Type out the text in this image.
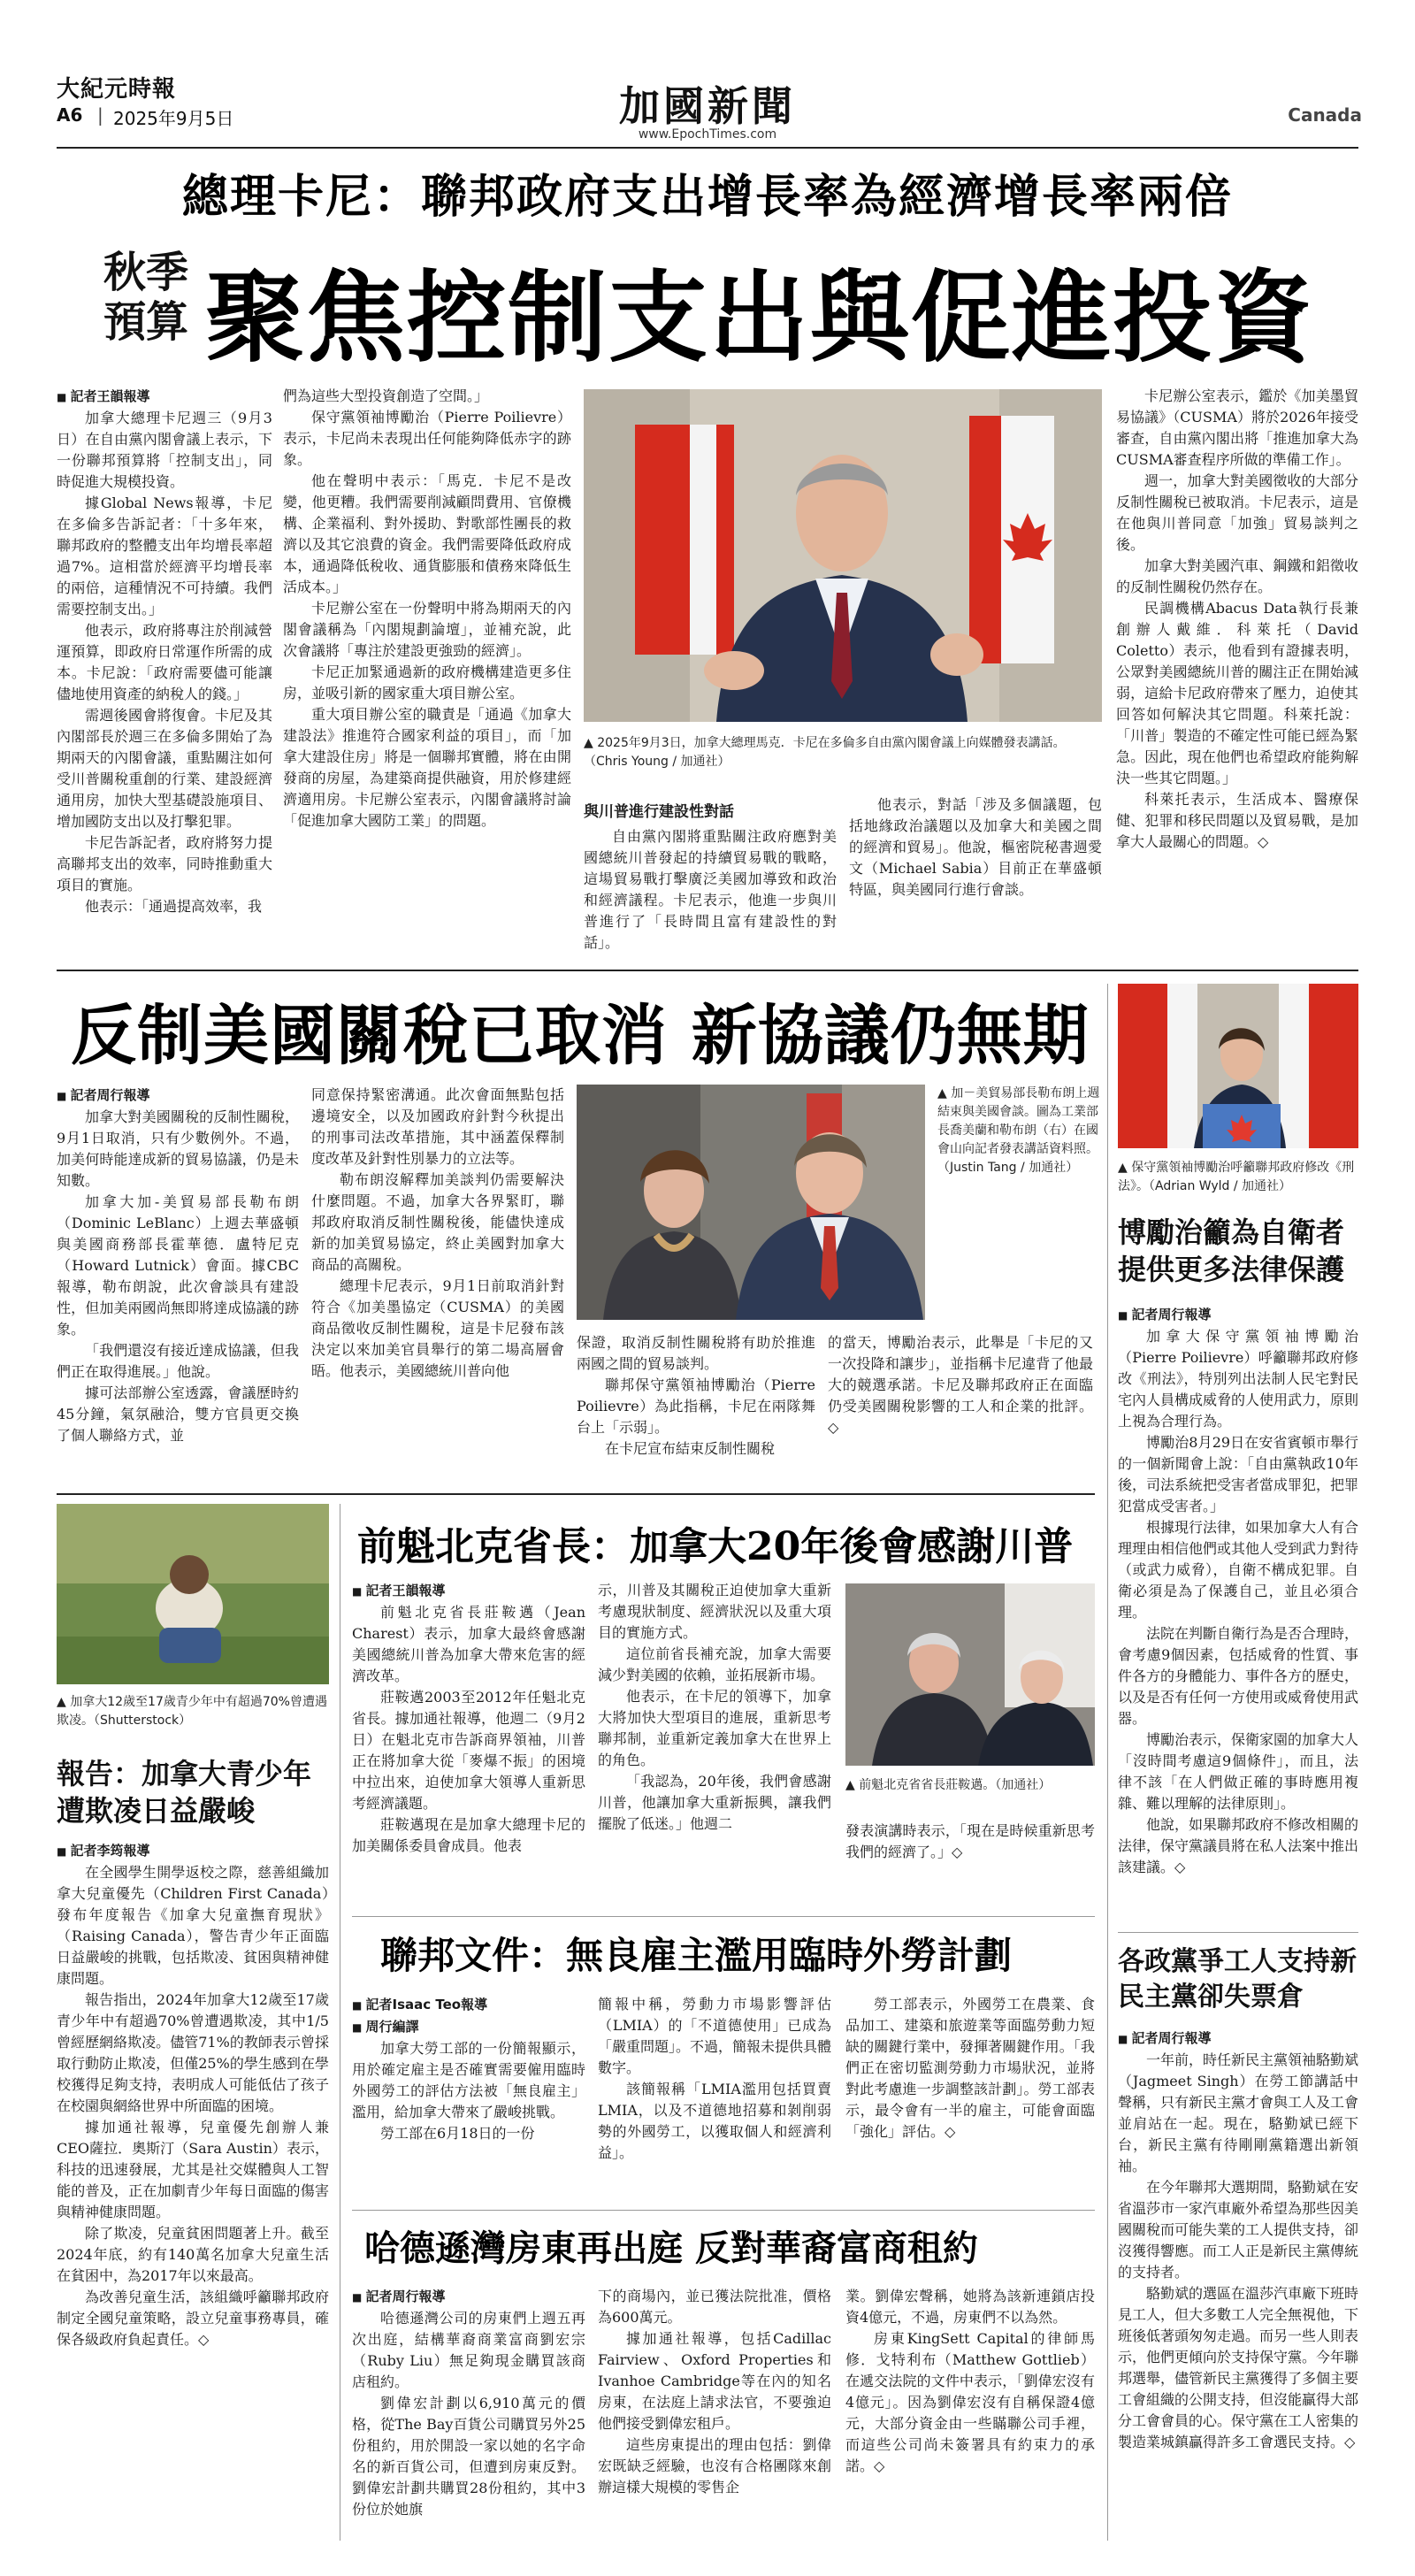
大紀元時報
A6 | 2025年9月5日	加國新聞
www.EpochTimes.com
Canada
總理卡尼：聯邦政府支出增長率為經濟增長率兩倍
秋季
預算 聚焦控制支出與促進投資
■ 記者王韻報導

加拿大總理卡尼週三（9月3日）在自由黨內閣會議上表示，下一份聯邦預算將「控制支出」，同時促進大規模投資。

據Global News報導，卡尼在多倫多告訴記者：「十多年來，聯邦政府的整體支出年均增長率超過7%。這相當於經濟平均增長率的兩倍，這種情況不可持續。我們需要控制支出。」

他表示，政府將專注於削減營運預算，即政府日常運作所需的成本。卡尼說：「政府需要儘可能讓儘地使用資產的納稅人的錢。」

需週後國會將復會。卡尼及其內閣部長於週三在多倫多開始了為期兩天的內閣會議，重點關注如何受川普關稅重創的行業、建設經濟通用房，加快大型基礎設施項目、增加國防支出以及打擊犯罪。

卡尼告訴記者，政府將努力提高聯邦支出的效率，同時推動重大項目的實施。

他表示：「通過提高效率，我

們為這些大型投資創造了空間。」

保守黨領袖博勵治（Pierre Poilievre）表示，卡尼尚未表現出任何能夠降低赤字的跡象。

他在聲明中表示：「馬克．卡尼不是改變，他更糟。我們需要削減顧問費用、官僚機構、企業福利、對外援助、對歌部性團長的救濟以及其它浪費的資金。我們需要降低政府成本，通過降低稅收、通貨膨脹和債務來降低生活成本。」

卡尼辦公室在一份聲明中將為期兩天的內閣會議稱為「內閣規劃論壇」，並補充說，此次會議將「專注於建設更強勁的經濟」。

卡尼正加緊通過新的政府機構建造更多住房，並吸引新的國家重大項目辦公室。

重大項目辦公室的職責是「通過《加拿大建設法》推進符合國家利益的項目」，而「加拿大建設住房」將是一個聯邦實體，將在由開發商的房屋，為建築商提供融資，用於修建經濟適用房。卡尼辦公室表示，內閣會議將討論「促進加拿大國防工業」的問題。

▲ 2025年9月3日，加拿大總理馬克．卡尼在多倫多自由黨內閣會議上向媒體發表講話。（Chris Young / 加通社）
與川普進行建設性對話

自由黨內閣將重點關注政府應對美國總統川普發起的持續貿易戰的戰略，這場貿易戰打擊廣泛美國加導致和政治和經濟議程。卡尼表示，他進一步與川普進行了「長時間且富有建設性的對話」。

他表示，對話「涉及多個議題，包括地緣政治議題以及加拿大和美國之間的經濟和貿易」。他說，樞密院秘書週愛文（Michael Sabia）目前正在華盛頓特區，與美國同行進行會談。

卡尼辦公室表示，鑑於《加美墨貿易協議》（CUSMA）將於2026年接受審查，自由黨內閣出將「推進加拿大為CUSMA審查程序所做的準備工作」。

週一，加拿大對美國徵收的大部分反制性關稅已被取消。卡尼表示，這是在他與川普同意「加強」貿易談判之後。

加拿大對美國汽車、鋼鐵和鋁徵收的反制性關稅仍然存在。

民調機構Abacus Data執行長兼創辦人戴維．科萊托（David Coletto）表示，他看到有證據表明，公眾對美國總統川普的關注正在開始減弱，這給卡尼政府帶來了壓力，迫使其回答如何解決其它問題。科萊托說：「川普」製造的不確定性可能已經為緊急。因此，現在他們也希望政府能夠解決一些其它問題。」

科萊托表示，生活成本、醫療保健、犯罪和移民問題以及貿易戰，是加拿大人最關心的問題。 ◇

反制美國關稅已取消 新協議仍無期
■ 記者周行報導

加拿大對美國關稅的反制性關稅，9月1日取消，只有少數例外。不過，加美何時能達成新的貿易協議，仍是未知數。

加拿大加-美貿易部長勒布朗（Dominic LeBlanc）上週去華盛頓與美國商務部長霍華德．盧特尼克（Howard Lutnick）會面。據CBC報導，勒布朗說，此次會談具有建設性，但加美兩國尚無即將達成協議的跡象。

「我們還沒有接近達成協議，但我們正在取得進展。」他說。

據可法部辦公室透露，會議歷時約45分鐘，氣氛融洽，雙方官員更交換了個人聯絡方式，並

同意保持緊密溝通。此次會面無點包括邊境安全，以及加國政府針對今秋提出的刑事司法改革措施，其中涵蓋保釋制度改革及針對性別暴力的立法等。

勒布朗沒解釋加美談判仍需要解決什麼問題。不過，加拿大各界緊盯，聯邦政府取消反制性關稅後，能儘快達成新的加美貿易協定，終止美國對加拿大商品的高關稅。

總理卡尼表示，9月1日前取消針對符合《加美墨協定（CUSMA）的美國商品徵收反制性關稅，這是卡尼發布該決定以來加美官員舉行的第二場高層會晤。他表示，美國總統川普向他

▲ 加－美貿易部長勒布朗上週結束與美國會談。圖為工業部長喬美蘭和勒布朗（右）在國會山向記者發表講話資料照。（Justin Tang / 加通社）

保證，取消反制性關稅將有助於推進兩國之間的貿易談判。

聯邦保守黨領袖博勵治（Pierre Poilievre）為此指稱，卡尼在兩隊舞台上「示弱」。

在卡尼宣布結束反制性關稅

的當天，博勵治表示，此舉是「卡尼的又一次投降和讓步」，並指稱卡尼違背了他最大的競選承諾。卡尼及聯邦政府正在面臨仍受美國關稅影響的工人和企業的批評。 ◇

▲ 保守黨領袖博勵治呼籲聯邦政府修改《刑法》。（Adrian Wyld / 加通社）
博勵治籲為自衛者提供更多法律保護
■ 記者周行報導

加拿大保守黨領袖博勵治（Pierre Poilievre）呼籲聯邦政府修改《刑法》，特別列出法制人民宅對民宅內人員構成威脅的人使用武力，原則上視為合理行為。

博勵治8月29日在安省賓頓市舉行的一個新聞會上說：「自由黨執政10年後，司法系統把受害者當成罪犯，把罪犯當成受害者。」

根據現行法律，如果加拿大人有合理理由相信他們或其他人受到武力對待（或武力威脅），自衛不構成犯罪。自衛必須是為了保護自己，並且必須合理。

法院在判斷自衛行為是否合理時，會考慮9個因素，包括威脅的性質、事件各方的身體能力、事件各方的歷史，以及是否有任何一方使用或威脅使用武器。

博勵治表示，保衛家園的加拿大人「沒時間考慮這9個條件」，而且，法律不該「在人們做正確的事時應用複雜、難以理解的法律原則」。

他說，如果聯邦政府不修改相關的法律，保守黨議員將在私人法案中推出該建議。 ◇

各政黨爭工人支持新民主黨卻失票倉
■ 記者周行報導

一年前，時任新民主黨領袖駱勤斌（Jagmeet Singh）在勞工節講話中聲稱，只有新民主黨才會與工人及工會並肩站在一起。現在，駱勤斌已經下台，新民主黨有待剛剛黨籍選出新領袖。

在今年聯邦大選期間，駱勤斌在安省溫莎市一家汽車廠外希望為那些因美國關稅而可能失業的工人提供支持，卻沒獲得響應。而工人正是新民主黨傳統的支持者。

駱勤斌的選區在溫莎汽車廠下班時見工人，但大多數工人完全無視他，下班後低著頭匆匆走過。而另一些人則表示，他們更傾向於支持保守黨。今年聯邦選舉，儘管新民主黨獲得了多個主要工會組織的公開支持，但沒能贏得大部分工會會員的心。保守黨在工人密集的製造業城鎮贏得許多工會選民支持。 ◇

▲ 加拿大12歲至17歲青少年中有超過70%曾遭遇欺凌。（Shutterstock）
報告：加拿大青少年遭欺凌日益嚴峻
■ 記者李筠報導

在全國學生開學返校之際，慈善組織加拿大兒童優先（Children First Canada）發布年度報告《加拿大兒童撫育現狀》（Raising Canada），警告青少年正面臨日益嚴峻的挑戰，包括欺凌、貧困與精神健康問題。

報告指出，2024年加拿大12歲至17歲青少年中有超過70%曾遭遇欺凌，其中1/5曾經歷網絡欺凌。儘管71%的教師表示曾採取行動防止欺凌，但僅25%的學生感到在學校獲得足夠支持，表明成人可能低估了孩子在校園與網絡世界中所面臨的困境。

據加通社報導，兒童優先創辦人兼CEO薩拉．奧斯汀（Sara Austin）表示，科技的迅速發展，尤其是社交媒體與人工智能的普及，正在加劇青少年每日面臨的傷害與精神健康問題。

除了欺凌，兒童貧困問題著上升。截至2024年底，約有140萬名加拿大兒童生活在貧困中，為2017年以來最高。

為改善兒童生活，該組織呼籲聯邦政府制定全國兒童策略，設立兒童事務專員，確保各級政府負起責任。 ◇

前魁北克省長：加拿大20年後會感謝川普
■ 記者王韻報導

前魁北克省長莊鞍邁（Jean Charest）表示，加拿大最終會感謝美國總統川普為加拿大帶來危害的經濟改革。

莊鞍邁2003至2012年任魁北克省長。據加通社報導，他週二（9月2日）在魁北克市告訴商界領袖，川普正在將加拿大從「麥爆不振」的困境中拉出來，迫使加拿大領導人重新思考經濟議題。

莊鞍邁現在是加拿大總理卡尼的加美關係委員會成員。他表

示，川普及其關稅正迫使加拿大重新考慮現狀制度、經濟狀況以及重大項目的實施方式。

這位前省長補充說，加拿大需要減少對美國的依賴，並拓展新市場。

他表示，在卡尼的領導下，加拿大將加快大型項目的進展，重新思考聯邦制，並重新定義加拿大在世界上的角色。

「我認為，20年後，我們會感謝川普，他讓加拿大重新振興，讓我們擺脫了低迷。」他週二

▲ 前魁北克省省長莊鞍邁。（加通社）

發表演講時表示，「現在是時候重新思考我們的經濟了。」 ◇

聯邦文件：無良雇主濫用臨時外勞計劃
■ 記者Isaac Teo報導
■ 周行編譯

加拿大勞工部的一份簡報顯示，用於確定雇主是否確實需要僱用臨時外國勞工的評估方法被「無良雇主」濫用，給加拿大帶來了嚴峻挑戰。

勞工部在6月18日的一份

簡報中稱，勞動力市場影響評估（LMIA）的「不道德使用」已成為「嚴重問題」。不過，簡報未提供具體數字。

該簡報稱「LMIA濫用包括買賣LMIA，以及不道德地招募和剝削弱勢的外國勞工，以獲取個人和經濟利益」。

勞工部表示，外國勞工在農業、食品加工、建築和旅遊業等面臨勞動力短缺的關鍵行業中，發揮著關鍵作用。「我們正在密切監測勞動力市場狀況，並將對此考慮進一步調整該計劃」。勞工部表示，最令會有一半的雇主，可能會面臨「強化」評估。 ◇

哈德遜灣房東再出庭 反對華裔富商租約
■ 記者周行報導

哈德遜灣公司的房東們上週五再次出庭，結構華裔商業富商劉宏宗（Ruby Liu）無足夠現金購買該商店租約。

劉偉宏計劃以6,910萬元的價格，從The Bay百貨公司購買另外25份租約，用於開設一家以她的名字命名的新百貨公司，但遭到房東反對。劉偉宏計劃共購買28份租約，其中3份位於她旗

下的商場內，並已獲法院批准，價格為600萬元。

據加通社報導，包括Cadillac Fairview、Oxford Properties和Ivanhoe Cambridge等在內的知名房東，在法庭上請求法官，不要強迫他們接受劉偉宏租戶。

這些房東提出的理由包括：劉偉宏既缺乏經驗，也沒有合格團隊來創辦這樣大規模的零售企

業。劉偉宏聲稱，她將為該新連鎖店投資4億元，不過，房東們不以為然。

房東KingSett Capital的律師馬修．戈特利布（Matthew Gottlieb）在遞交法院的文件中表示，「劉偉宏沒有4億元」。因為劉偉宏沒有自稱保證4億元，大部分資金由一些瞞聯公司手裡，而這些公司尚未簽署具有約束力的承諾。 ◇
